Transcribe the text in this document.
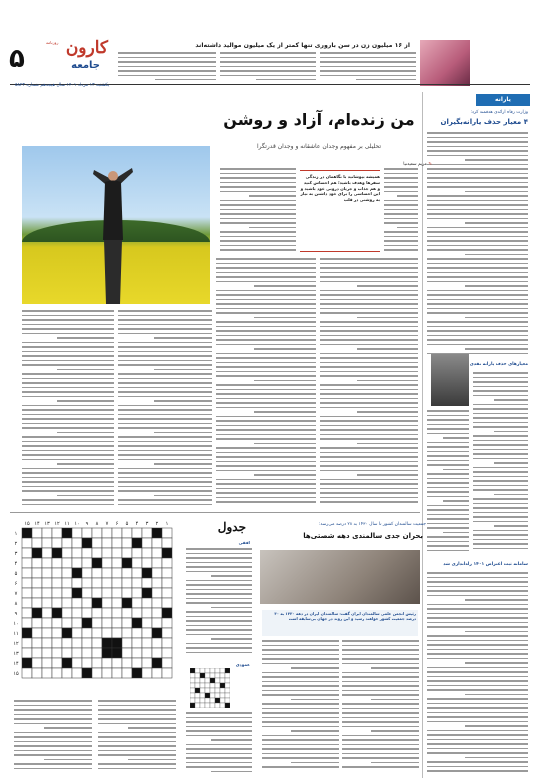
۵ کارون
روزنامه
جامعه
از ۱۶ میلیون زن در سن باروری تنها کمتر از یک میلیون موالید داشته‌اند
یکشنبه ۱۳ مرداد ۱۴۰۱ سال هیجدهم شماره ۵۸۴۳
یارانه
وزارت رفاه ارائه‌ی هدفمند کرد:
۴ معیار حذف یارانه‌بگیران
معیارهای حذف یارانه نقدی
سامانه ثبت اعتراض ۱۴۰۱ راه‌اندازی شد
من زنده‌ام، آزاد و روشن
تحلیلی بر مفهوم وجدان عاشقانه و وجدان قدرتگرا
✎ مریم سعیدنیا
همیشه بپوشانید با نگاهمان در زندگی سفرها وهدف باشید؛ هم احساس کنید و هم جذاب و جریان درونی خود باشید و این احساسی را برای خود داشتن به نیاز به روشنی در قلب
۱
۲
۳
۴
۵
۶
۷
۸
۹
۱۰
۱۱
۱۲
۱۳
۱۴
۱۵
۱
۲
۳
۴
۵
۶
۷
۸
۹
۱۰
۱۱
۱۲
۱۳
۱۴
۱۵
جدول
افقی
عمودی
جمعیت سالمندان کشور تا سال ۱۴۳۰ به ۲۸ درصد می‌رسد:
بحران جدی سالمندی دهه شصتی‌ها
رئیس انجمن علمی سالمندان ایران گفت: سالمندان ایران در دهه ۱۴۳۰ به ۳۰ درصد جمعیت کشور خواهند رسید و این روند در جهان بی‌سابقه است
